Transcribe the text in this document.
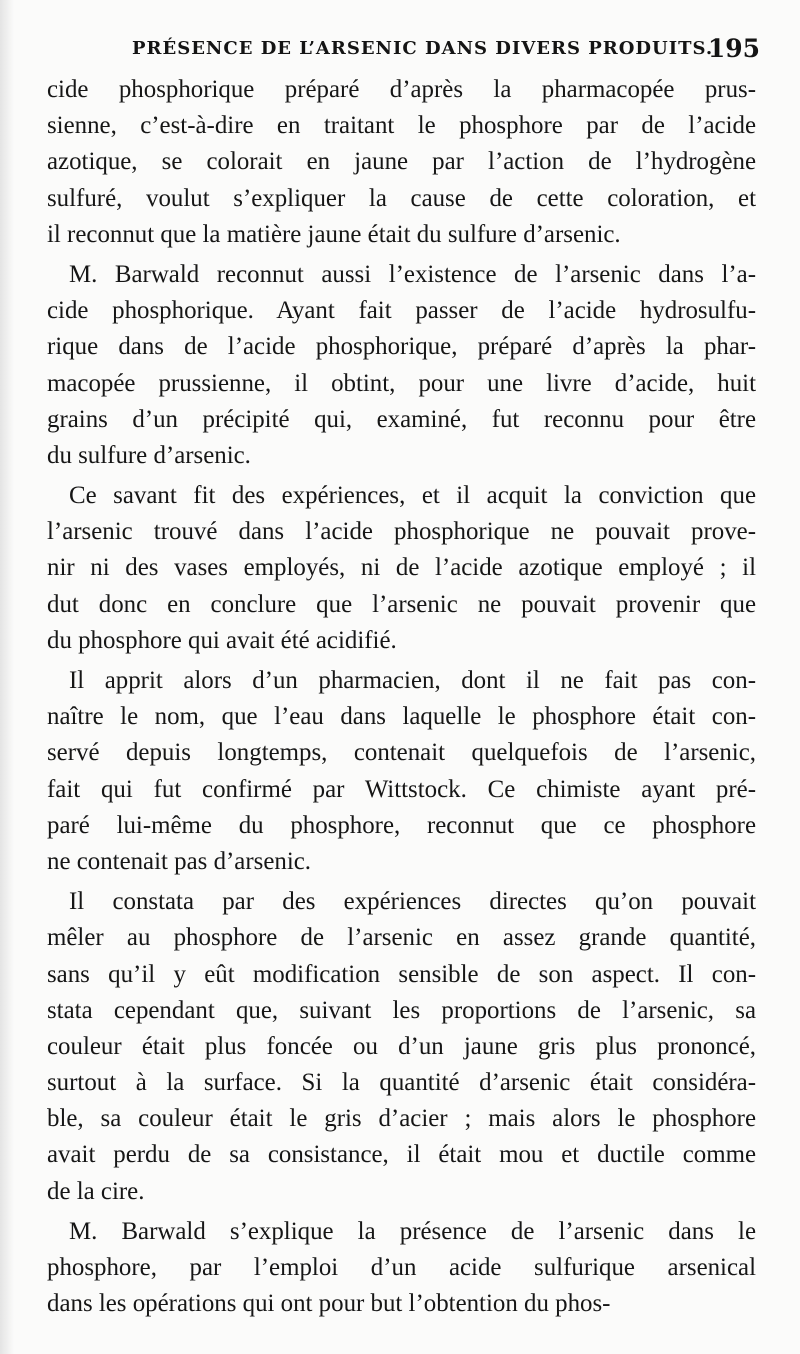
PRÉSENCE DE L’ARSENIC DANS DIVERS PRODUITS.
195
cide phosphorique préparé d’après la pharmacopée prus-
sienne, c’est-à-dire en traitant le phosphore par de l’acide
azotique, se colorait en jaune par l’action de l’hydrogène
sulfuré, voulut s’expliquer la cause de cette coloration, et
il reconnut que la matière jaune était du sulfure d’arsenic.
M. Barwald reconnut aussi l’existence de l’arsenic dans l’a-
cide phosphorique. Ayant fait passer de l’acide hydrosulfu-
rique dans de l’acide phosphorique, préparé d’après la phar-
macopée prussienne, il obtint, pour une livre d’acide, huit
grains d’un précipité qui, examiné, fut reconnu pour être
du sulfure d’arsenic.
Ce savant fit des expériences, et il acquit la conviction que
l’arsenic trouvé dans l’acide phosphorique ne pouvait prove-
nir ni des vases employés, ni de l’acide azotique employé ; il
dut donc en conclure que l’arsenic ne pouvait provenir que
du phosphore qui avait été acidifié.
Il apprit alors d’un pharmacien, dont il ne fait pas con-
naître le nom, que l’eau dans laquelle le phosphore était con-
servé depuis longtemps, contenait quelquefois de l’arsenic,
fait qui fut confirmé par Wittstock. Ce chimiste ayant pré-
paré lui-même du phosphore, reconnut que ce phosphore
ne contenait pas d’arsenic.
Il constata par des expériences directes qu’on pouvait
mêler au phosphore de l’arsenic en assez grande quantité,
sans qu’il y eût modification sensible de son aspect. Il con-
stata cependant que, suivant les proportions de l’arsenic, sa
couleur était plus foncée ou d’un jaune gris plus prononcé,
surtout à la surface. Si la quantité d’arsenic était considéra-
ble, sa couleur était le gris d’acier ; mais alors le phosphore
avait perdu de sa consistance, il était mou et ductile comme
de la cire.
M. Barwald s’explique la présence de l’arsenic dans le
phosphore, par l’emploi d’un acide sulfurique arsenical
dans les opérations qui ont pour but l’obtention du phos-
